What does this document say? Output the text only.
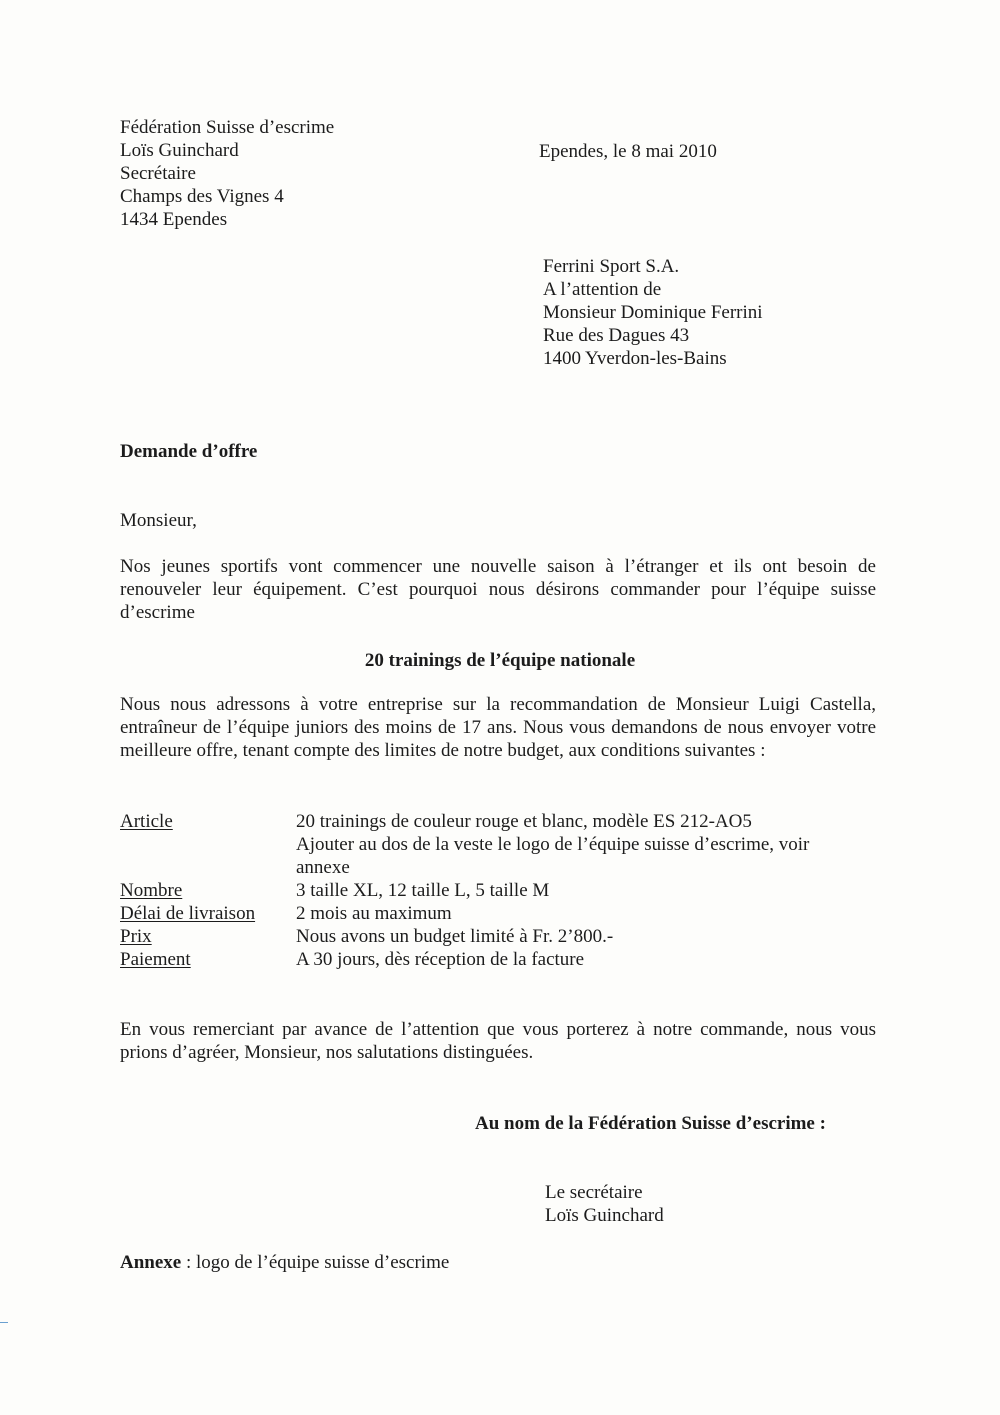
Fédération Suisse d’escrime
Loïs Guinchard
Secrétaire
Champs des Vignes 4
1434 Ependes
Ependes, le 8 mai 2010
Ferrini Sport S.A.
A l’attention de
Monsieur Dominique Ferrini
Rue des Dagues 43
1400 Yverdon-les-Bains
Demande d’offre
Monsieur,
Nos jeunes sportifs vont commencer une nouvelle saison à l’étranger et ils ont besoin de renouveler leur équipement. C’est pourquoi nous désirons commander pour l’équipe suisse d’escrime
20 trainings de l’équipe nationale
Nous nous adressons à votre entreprise sur la recommandation de Monsieur Luigi Castella, entraîneur de l’équipe juniors des moins de 17 ans. Nous vous demandons de nous envoyer votre meilleure offre, tenant compte des limites de notre budget, aux conditions suivantes :
Article	20 trainings de couleur rouge et blanc, modèle ES 212-AO5
Ajouter au dos de la veste le logo de l’équipe suisse d’escrime, voir
annexe
Nombre	3 taille XL, 12 taille L, 5 taille M
Délai de livraison	2 mois au maximum
Prix	Nous avons un budget limité à Fr. 2’800.-
Paiement	A 30 jours, dès réception de la facture
En vous remerciant par avance de l’attention que vous porterez à notre commande, nous vous prions d’agréer, Monsieur, nos salutations distinguées.
Au nom de la Fédération Suisse d’escrime :
Le secrétaire
Loïs Guinchard
Annexe : logo de l’équipe suisse d’escrime
